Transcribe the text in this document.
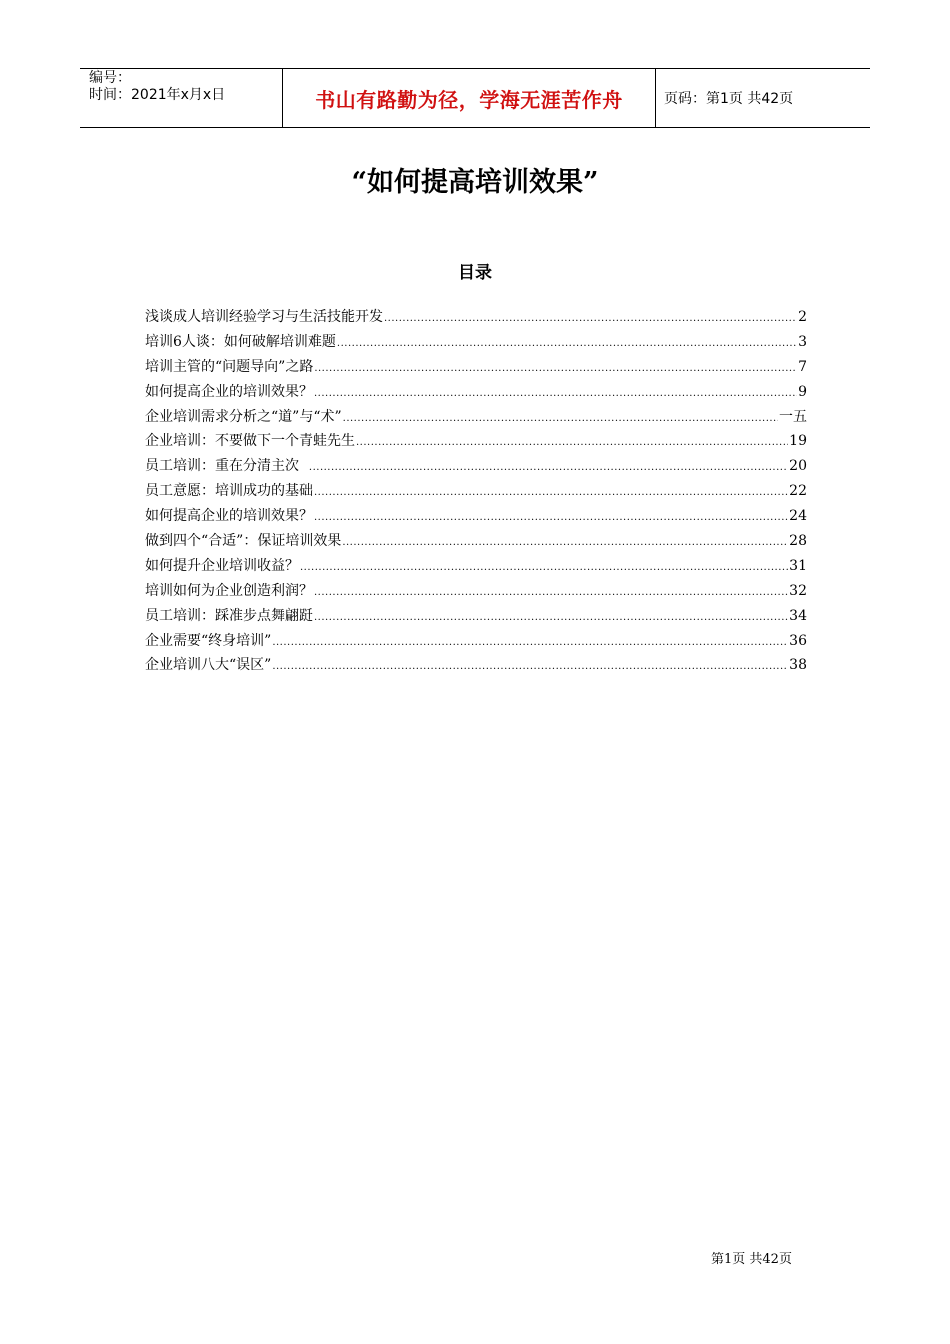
编号：
时间：2021年x月x日	书山有路勤为径，学海无涯苦作舟	页码：第1页 共42页
“如何提高培训效果”
目录
浅谈成人培训经验学习与生活技能开发 .....	2
培训6人谈：如何破解培训难题 .....	3
培训主管的“问题导向”之路 .....	7
如何提高企业的培训效果？ .....	9
企业培训需求分析之“道”与“术” .....	一五
企业培训：不要做下一个青蛙先生 .....	19
员工培训：重在分清主次 .....	20
员工意愿：培训成功的基础 .....	22
如何提高企业的培训效果？ .....	24
做到四个“合适”：保证培训效果 .....	28
如何提升企业培训收益？ .....	31
培训如何为企业创造利润？ .....	32
员工培训：踩准步点舞翩跹 .....	34
企业需要“终身培训” .....	36
企业培训八大“误区” .....	38
第1页 共42页
